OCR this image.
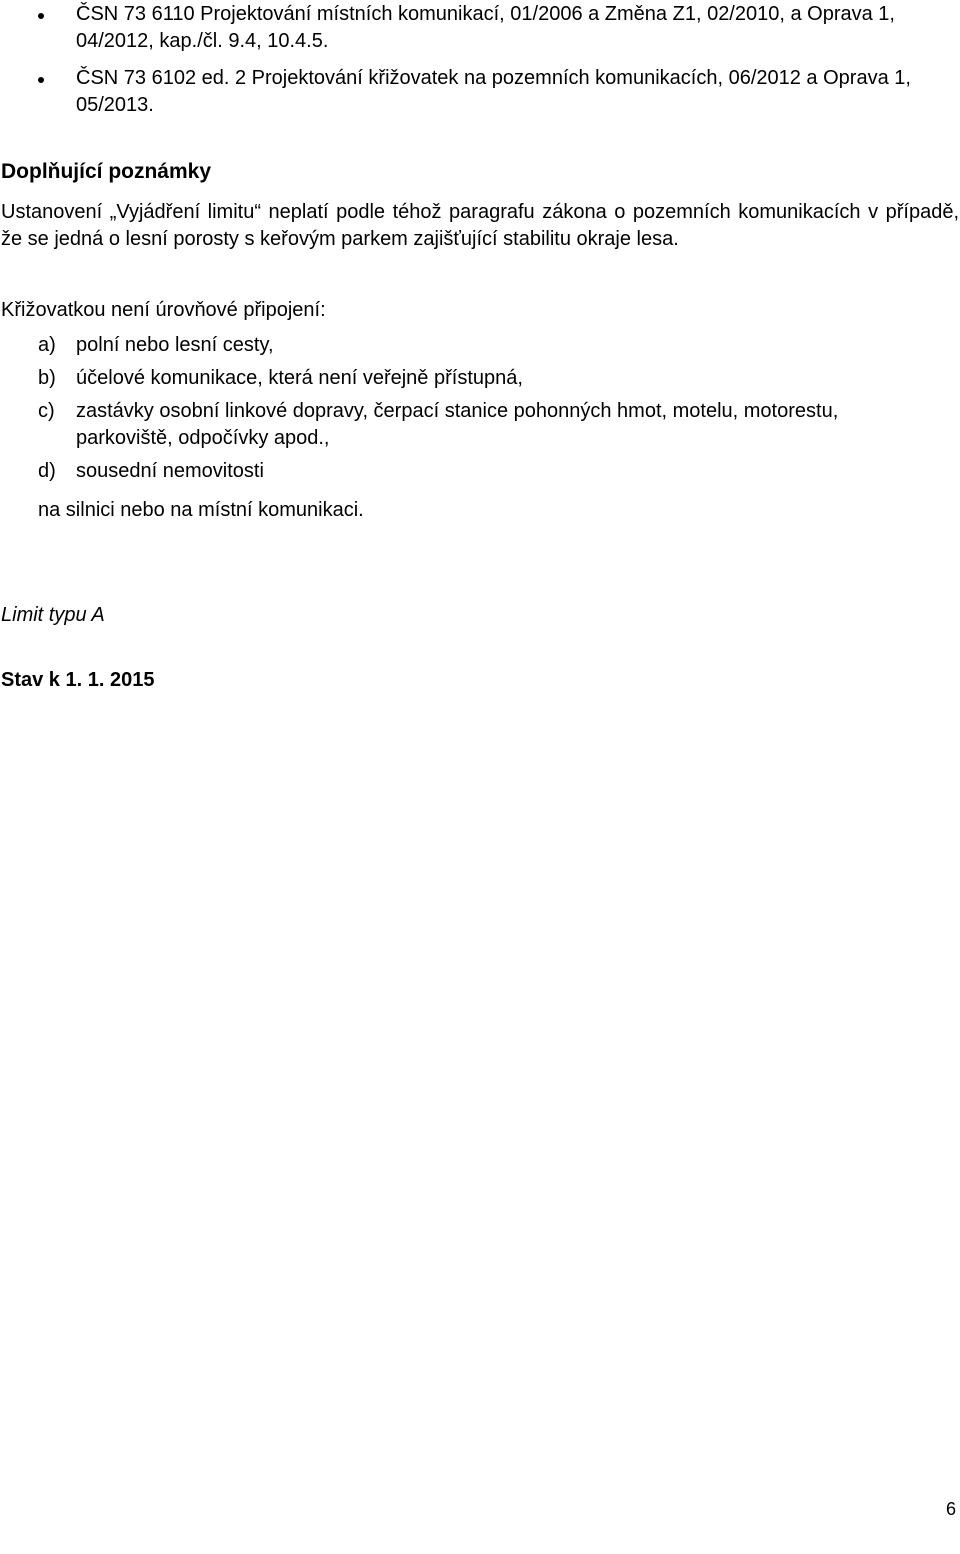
ČSN 73 6110 Projektování místních komunikací, 01/2006 a Změna Z1, 02/2010, a Oprava 1, 04/2012, kap./čl. 9.4, 10.4.5.
ČSN 73 6102 ed. 2 Projektování křižovatek na pozemních komunikacích, 06/2012 a Oprava 1, 05/2013.
Doplňující poznámky

Ustanovení „Vyjádření limitu“ neplatí podle téhož paragrafu zákona o pozemních komunikacích v případě, že se jedná o lesní porosty s keřovým parkem zajišťující stabilitu okraje lesa.

Křižovatkou není úrovňové připojení:

a) polní nebo lesní cesty,
b) účelové komunikace, která není veřejně přístupná,
c) zastávky osobní linkové dopravy, čerpací stanice pohonných hmot, motelu, motorestu, parkoviště, odpočívky apod.,
d) sousední nemovitosti

na silnici nebo na místní komunikaci.

Limit typu A

Stav k 1. 1. 2015

6
